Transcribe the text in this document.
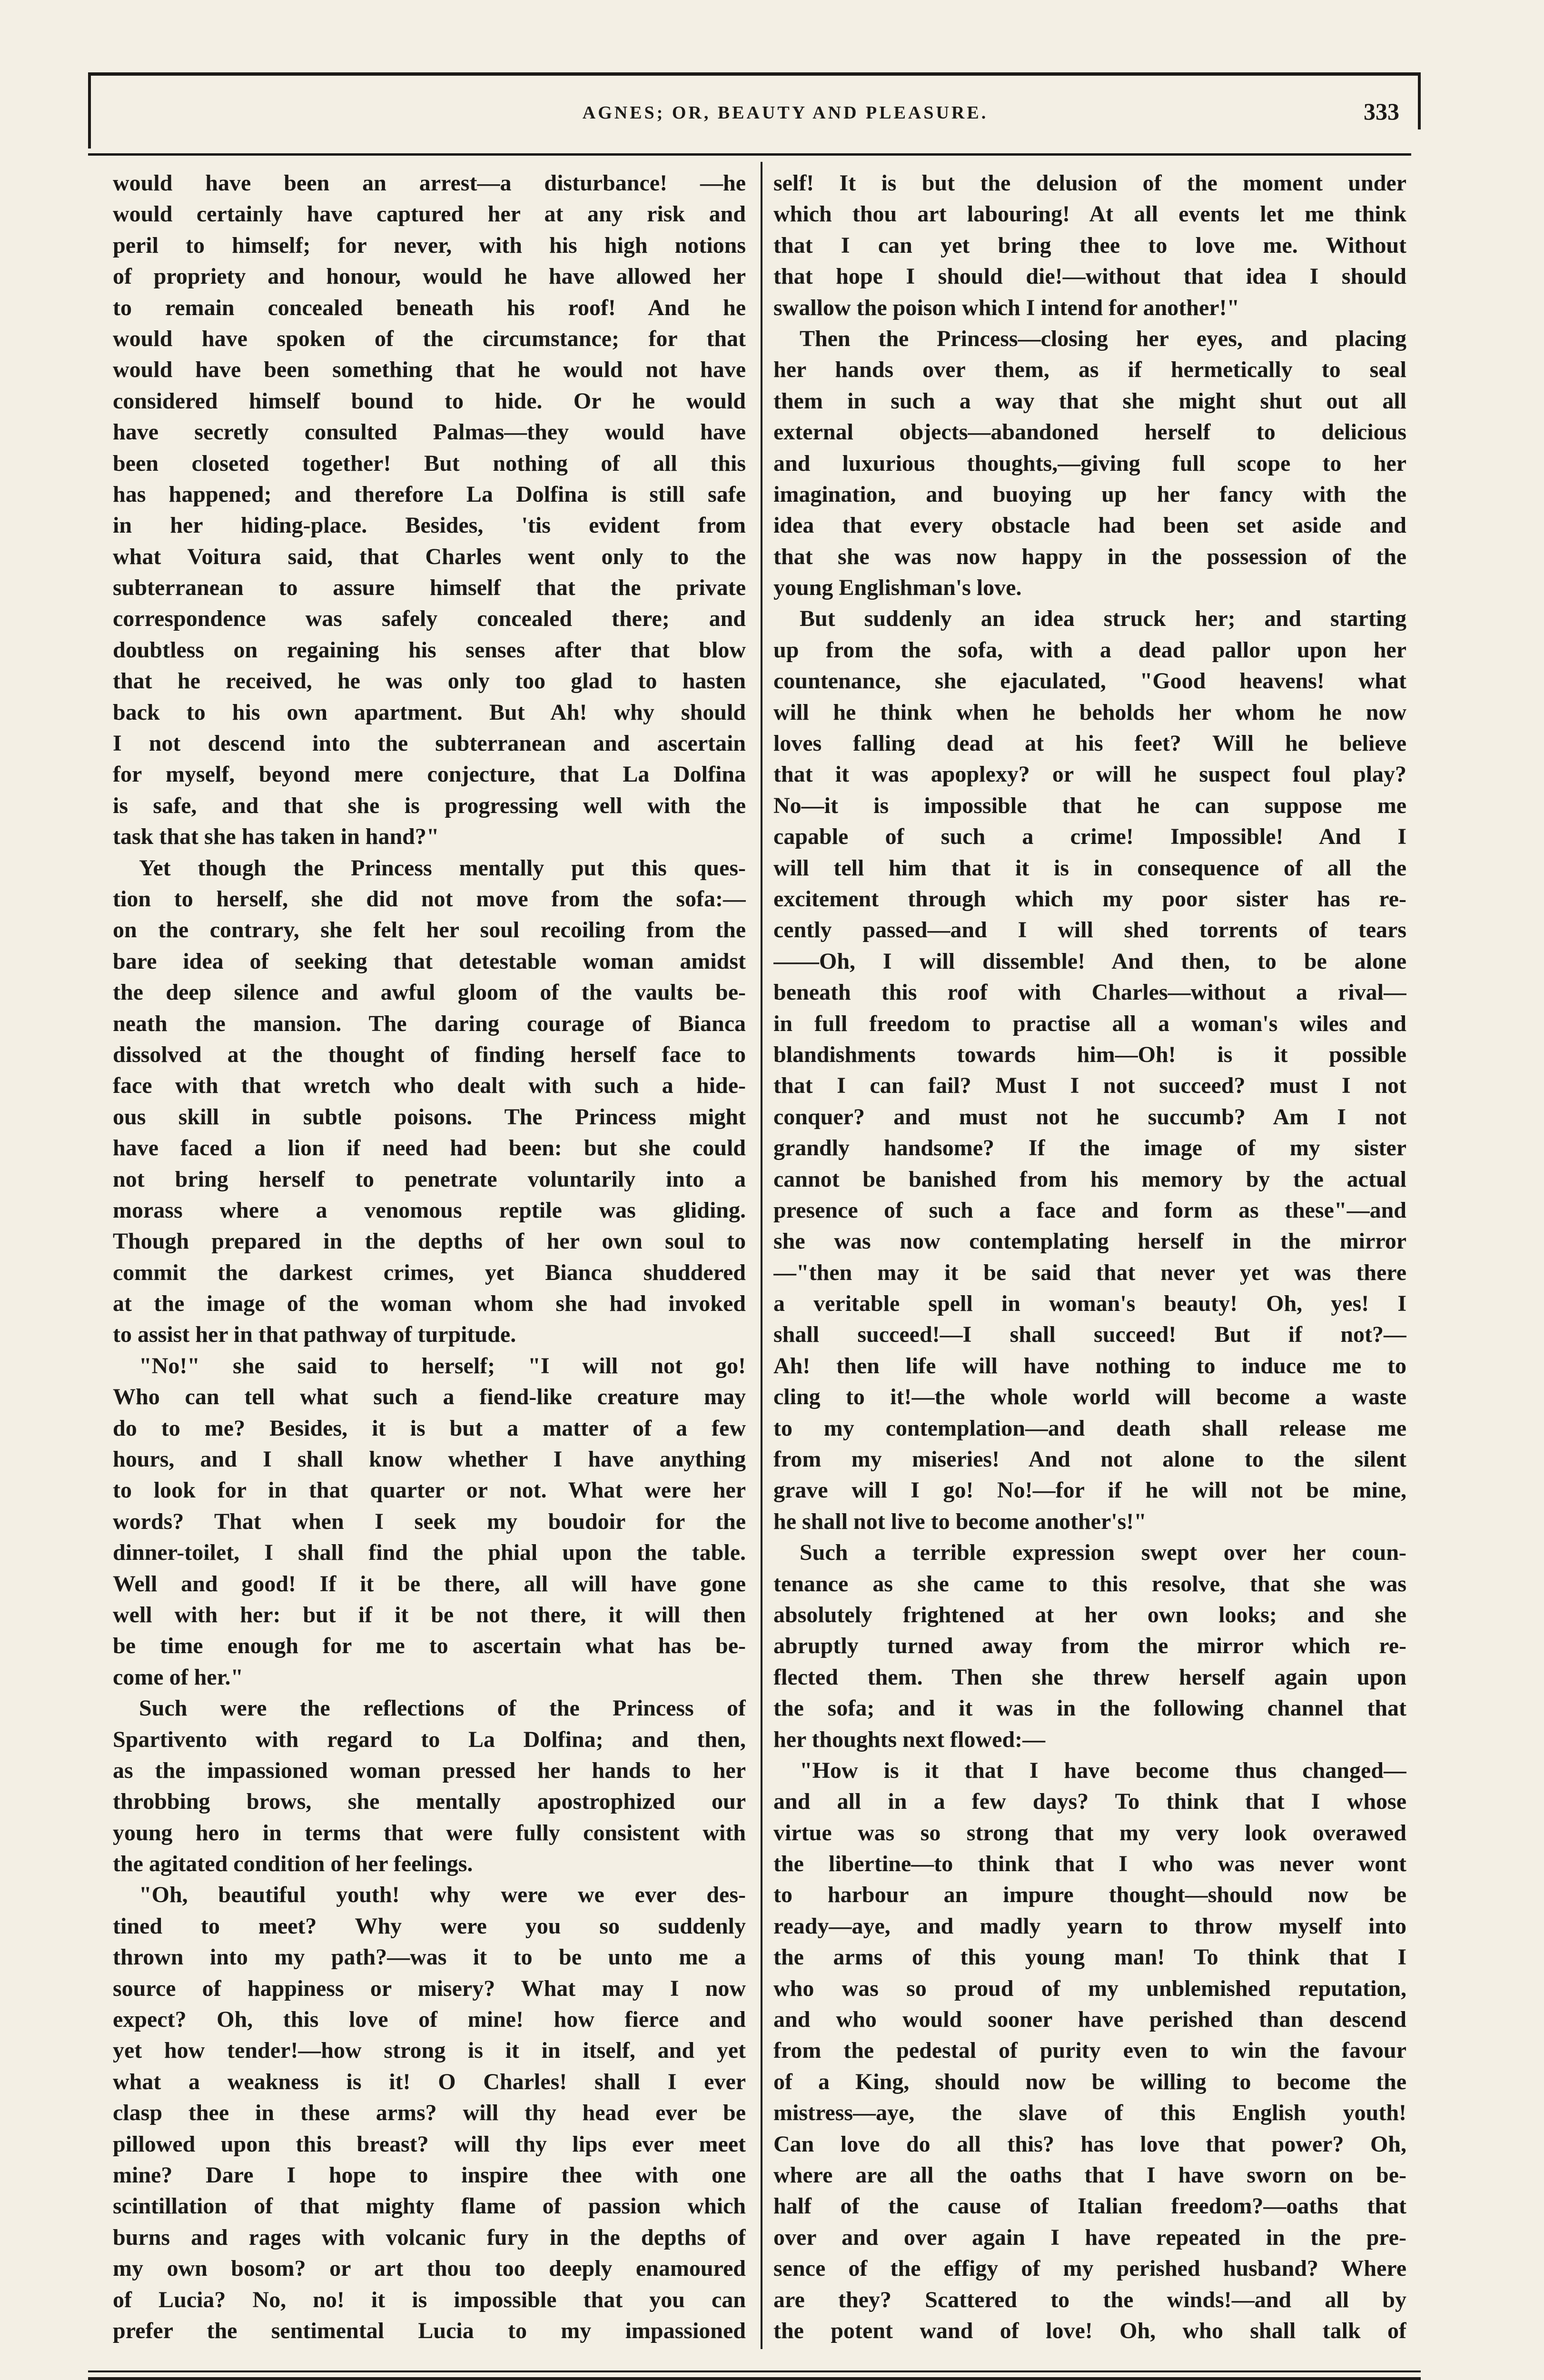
AGNES; OR, BEAUTY AND PLEASURE.	333
would have been an arrest—a disturbance! —he
would certainly have captured her at any risk and
peril to himself; for never, with his high notions
of propriety and honour, would he have allowed her
to remain concealed beneath his roof! And he
would have spoken of the circumstance; for that
would have been something that he would not have
considered himself bound to hide. Or he would
have secretly consulted Palmas—they would have
been closeted together! But nothing of all this
has happened; and therefore La Dolfina is still safe
in her hiding-place. Besides, 'tis evident from
what Voitura said, that Charles went only to the
subterranean to assure himself that the private
correspondence was safely concealed there; and
doubtless on regaining his senses after that blow
that he received, he was only too glad to hasten
back to his own apartment. But Ah! why should
I not descend into the subterranean and ascertain
for myself, beyond mere conjecture, that La Dolfina
is safe, and that she is progressing well with the
task that she has taken in hand?"
Yet though the Princess mentally put this ques-
tion to herself, she did not move from the sofa:—
on the contrary, she felt her soul recoiling from the
bare idea of seeking that detestable woman amidst
the deep silence and awful gloom of the vaults be-
neath the mansion. The daring courage of Bianca
dissolved at the thought of finding herself face to
face with that wretch who dealt with such a hide-
ous skill in subtle poisons. The Princess might
have faced a lion if need had been: but she could
not bring herself to penetrate voluntarily into a
morass where a venomous reptile was gliding.
Though prepared in the depths of her own soul to
commit the darkest crimes, yet Bianca shuddered
at the image of the woman whom she had invoked
to assist her in that pathway of turpitude.
"No!" she said to herself; "I will not go!
Who can tell what such a fiend-like creature may
do to me? Besides, it is but a matter of a few
hours, and I shall know whether I have anything
to look for in that quarter or not. What were her
words? That when I seek my boudoir for the
dinner-toilet, I shall find the phial upon the table.
Well and good! If it be there, all will have gone
well with her: but if it be not there, it will then
be time enough for me to ascertain what has be-
come of her."
Such were the reflections of the Princess of
Spartivento with regard to La Dolfina; and then,
as the impassioned woman pressed her hands to her
throbbing brows, she mentally apostrophized our
young hero in terms that were fully consistent with
the agitated condition of her feelings.
"Oh, beautiful youth! why were we ever des-
tined to meet? Why were you so suddenly
thrown into my path?—was it to be unto me a
source of happiness or misery? What may I now
expect? Oh, this love of mine! how fierce and
yet how tender!—how strong is it in itself, and yet
what a weakness is it! O Charles! shall I ever
clasp thee in these arms? will thy head ever be
pillowed upon this breast? will thy lips ever meet
mine? Dare I hope to inspire thee with one
scintillation of that mighty flame of passion which
burns and rages with volcanic fury in the depths of
my own bosom? or art thou too deeply enamoured
of Lucia? No, no! it is impossible that you can
prefer the sentimental Lucia to my impassioned
self! It is but the delusion of the moment under
which thou art labouring! At all events let me think
that I can yet bring thee to love me. Without
that hope I should die!—without that idea I should
swallow the poison which I intend for another!"
Then the Princess—closing her eyes, and placing
her hands over them, as if hermetically to seal
them in such a way that she might shut out all
external objects—abandoned herself to delicious
and luxurious thoughts,—giving full scope to her
imagination, and buoying up her fancy with the
idea that every obstacle had been set aside and
that she was now happy in the possession of the
young Englishman's love.
But suddenly an idea struck her; and starting
up from the sofa, with a dead pallor upon her
countenance, she ejaculated, "Good heavens! what
will he think when he beholds her whom he now
loves falling dead at his feet? Will he believe
that it was apoplexy? or will he suspect foul play?
No—it is impossible that he can suppose me
capable of such a crime! Impossible! And I
will tell him that it is in consequence of all the
excitement through which my poor sister has re-
cently passed—and I will shed torrents of tears
——Oh, I will dissemble! And then, to be alone
beneath this roof with Charles—without a rival—
in full freedom to practise all a woman's wiles and
blandishments towards him—Oh! is it possible
that I can fail? Must I not succeed? must I not
conquer? and must not he succumb? Am I not
grandly handsome? If the image of my sister
cannot be banished from his memory by the actual
presence of such a face and form as these"—and
she was now contemplating herself in the mirror
—"then may it be said that never yet was there
a veritable spell in woman's beauty! Oh, yes! I
shall succeed!—I shall succeed! But if not?—
Ah! then life will have nothing to induce me to
cling to it!—the whole world will become a waste
to my contemplation—and death shall release me
from my miseries! And not alone to the silent
grave will I go! No!—for if he will not be mine,
he shall not live to become another's!"
Such a terrible expression swept over her coun-
tenance as she came to this resolve, that she was
absolutely frightened at her own looks; and she
abruptly turned away from the mirror which re-
flected them. Then she threw herself again upon
the sofa; and it was in the following channel that
her thoughts next flowed:—
"How is it that I have become thus changed—
and all in a few days? To think that I whose
virtue was so strong that my very look overawed
the libertine—to think that I who was never wont
to harbour an impure thought—should now be
ready—aye, and madly yearn to throw myself into
the arms of this young man! To think that I
who was so proud of my unblemished reputation,
and who would sooner have perished than descend
from the pedestal of purity even to win the favour
of a King, should now be willing to become the
mistress—aye, the slave of this English youth!
Can love do all this? has love that power? Oh,
where are all the oaths that I have sworn on be-
half of the cause of Italian freedom?—oaths that
over and over again I have repeated in the pre-
sence of the effigy of my perished husband? Where
are they? Scattered to the winds!—and all by
the potent wand of love! Oh, who shall talk of
